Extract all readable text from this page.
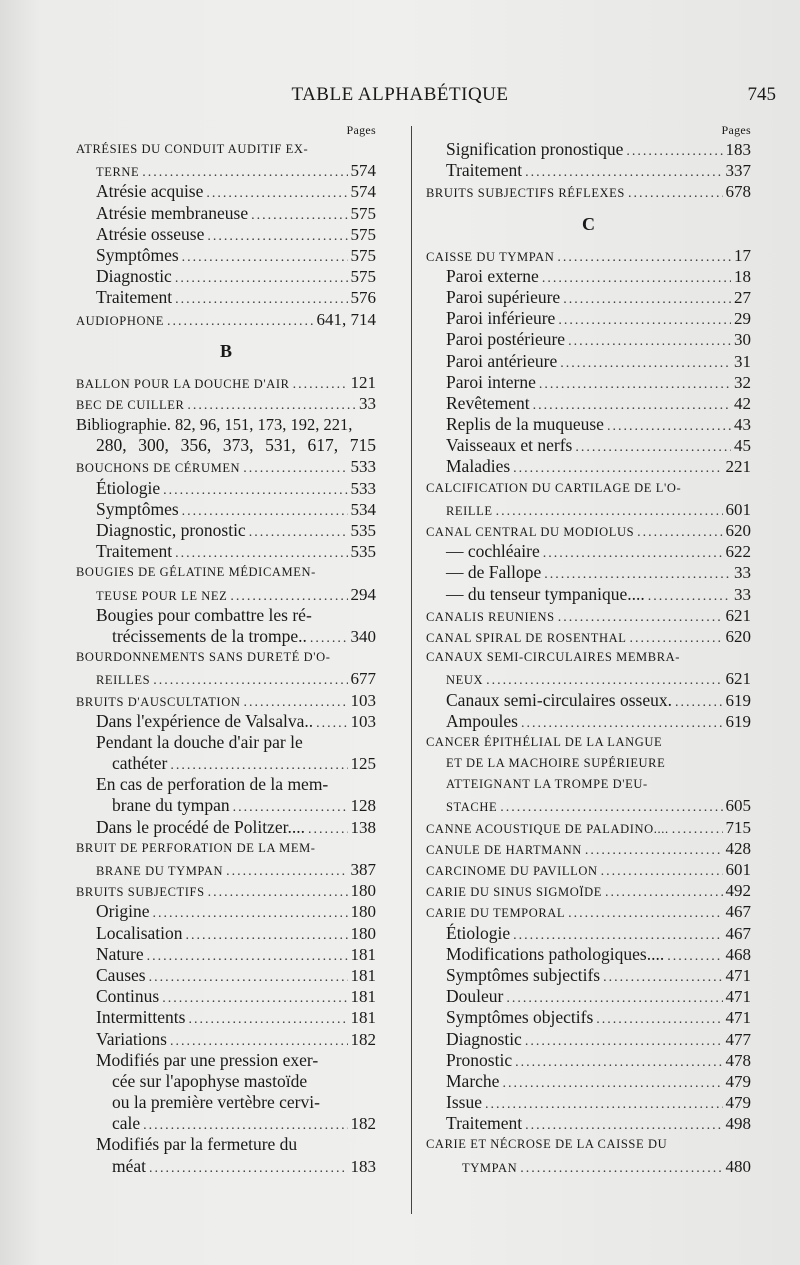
TABLE ALPHABÉTIQUE	745
Pages
ATRÉSIES DU CONDUIT AUDITIF EX-
TERNE .....	574
Atrésie acquise .....	574
Atrésie membraneuse .....	575
Atrésie osseuse .....	575
Symptômes .....	575
Diagnostic .....	575
Traitement .....	576
AUDIOPHONE .....	641, 714
B
BALLON POUR LA DOUCHE D'AIR .....	121
BEC DE CUILLER .....	33
Bibliographie. 82, 96, 151, 173, 192, 221,
280, 300, 356, 373, 531, 617, 715
BOUCHONS DE CÉRUMEN .....	533
Étiologie .....	533
Symptômes .....	534
Diagnostic, pronostic .....	535
Traitement .....	535
BOUGIES DE GÉLATINE MÉDICAMEN-
TEUSE POUR LE NEZ .....	294
Bougies pour combattre les ré-
trécissements de la trompe.. .....	340
BOURDONNEMENTS SANS DURETÉ D'O-
REILLES .....	677
BRUITS D'AUSCULTATION .....	103
Dans l'expérience de Valsalva.. ..... 103
Pendant la douche d'air par le
cathéter .....	125
En cas de perforation de la mem-
brane du tympan .....	128
Dans le procédé de Politzer.... .....	138
BRUIT DE PERFORATION DE LA MEM-
BRANE DU TYMPAN .....	387
BRUITS SUBJECTIFS .....	180
Origine .....	180
Localisation .....	180
Nature .....	181
Causes .....	181
Continus .....	181
Intermittents .....	181
Variations .....	182
Modifiés par une pression exer-
cée sur l'apophyse mastoïde
ou la première vertèbre cervi-
cale .....	182
Modifiés par la fermeture du
méat .....	183
Pages
Signification pronostique .....	183
Traitement .....	337
BRUITS SUBJECTIFS RÉFLEXES .....	678
C
CAISSE DU TYMPAN .....	17
Paroi externe .....	18
Paroi supérieure .....	27
Paroi inférieure .....	29
Paroi postérieure .....	30
Paroi antérieure .....	31
Paroi interne .....	32
Revêtement .....	42
Replis de la muqueuse .....	43
Vaisseaux et nerfs .....	45
Maladies .....	221
CALCIFICATION DU CARTILAGE DE L'O-
REILLE .....	601
CANAL CENTRAL DU MODIOLUS .....	620
— cochléaire .....	622
— de Fallope .....	33
— du tenseur tympanique.... .....	33
CANALIS REUNIENS .....	621
CANAL SPIRAL DE ROSENTHAL .....	620
CANAUX SEMI-CIRCULAIRES MEMBRA-
NEUX .....	621
Canaux semi-circulaires osseux. .....	619
Ampoules .....	619
CANCER ÉPITHÉLIAL DE LA LANGUE
ET DE LA MACHOIRE SUPÉRIEURE
ATTEIGNANT LA TROMPE D'EU-
STACHE .....	605
CANNE ACOUSTIQUE DE PALADINO.... .....	715
CANULE DE HARTMANN .....	428
CARCINOME DU PAVILLON .....	601
CARIE DU SINUS SIGMOÏDE .....	492
CARIE DU TEMPORAL .....	467
Étiologie .....	467
Modifications pathologiques.... .....	468
Symptômes subjectifs .....	471
Douleur .....	471
Symptômes objectifs .....	471
Diagnostic .....	477
Pronostic .....	478
Marche .....	479
Issue .....	479
Traitement .....	498
CARIE ET NÉCROSE DE LA CAISSE DU
TYMPAN .....	480
